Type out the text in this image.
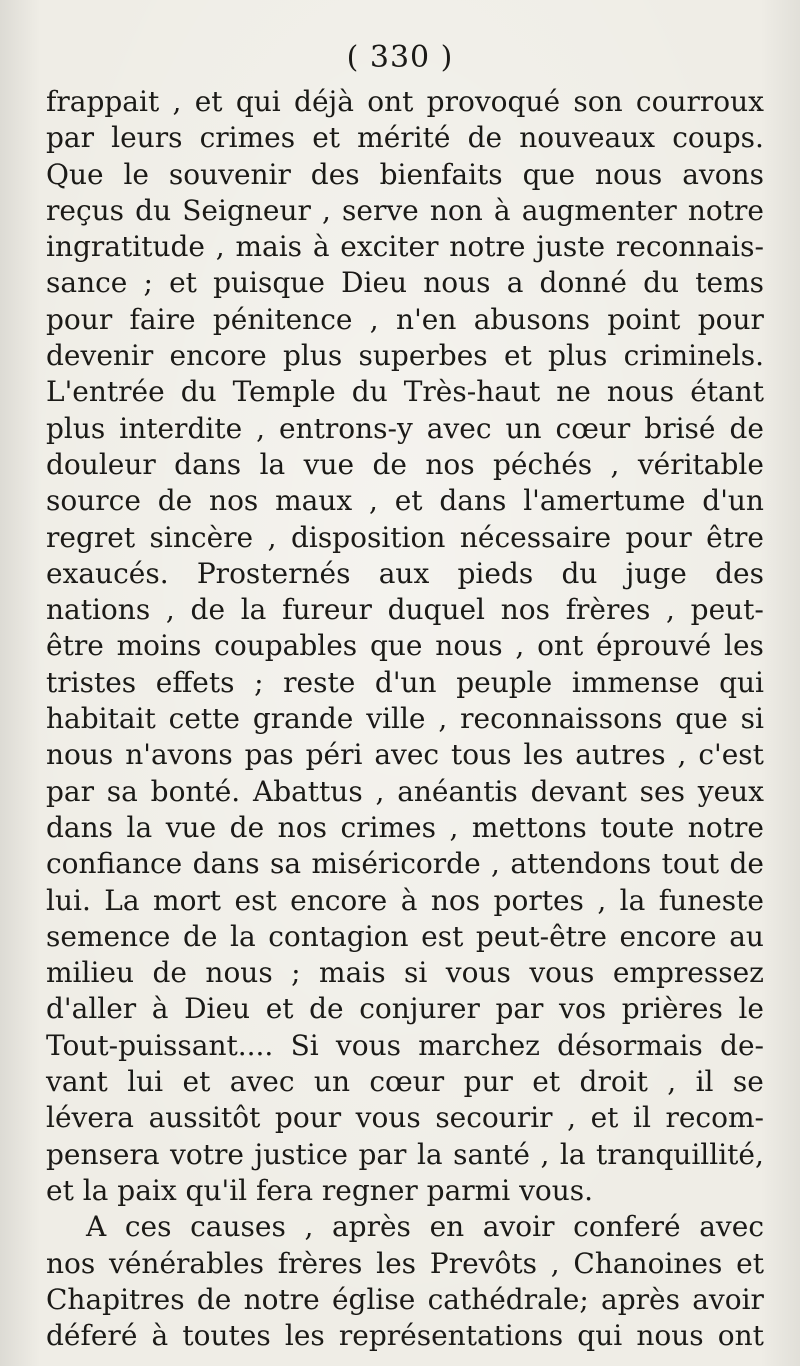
( 330 )
frappait , et qui déjà ont provoqué son courroux
par leurs crimes et mérité de nouveaux coups.
Que le souvenir des bienfaits que nous avons
reçus du Seigneur , serve non à augmenter notre
ingratitude , mais à exciter notre juste reconnais-
sance ; et puisque Dieu nous a donné du tems
pour faire pénitence , n'en abusons point pour
devenir encore plus superbes et plus criminels.
L'entrée du Temple du Très-haut ne nous étant
plus interdite , entrons-y avec un cœur brisé de
douleur dans la vue de nos péchés , véritable
source de nos maux , et dans l'amertume d'un
regret sincère , disposition nécessaire pour être
exaucés. Prosternés aux pieds du juge des
nations , de la fureur duquel nos frères , peut-
être moins coupables que nous , ont éprouvé les
tristes effets ; reste d'un peuple immense qui
habitait cette grande ville , reconnaissons que si
nous n'avons pas péri avec tous les autres , c'est
par sa bonté. Abattus , anéantis devant ses yeux
dans la vue de nos crimes , mettons toute notre
confiance dans sa miséricorde , attendons tout de
lui. La mort est encore à nos portes , la funeste
semence de la contagion est peut-être encore au
milieu de nous ; mais si vous vous empressez
d'aller à Dieu et de conjurer par vos prières le
Tout-puissant.... Si vous marchez désormais de-
vant lui et avec un cœur pur et droit , il se
lévera aussitôt pour vous secourir , et il recom-
pensera votre justice par la santé , la tranquillité,
et la paix qu'il fera regner parmi vous.
A ces causes , après en avoir conferé avec
nos vénérables frères les Prevôts , Chanoines et
Chapitres de notre église cathédrale; après avoir
déferé à toutes les représentations qui nous ont
